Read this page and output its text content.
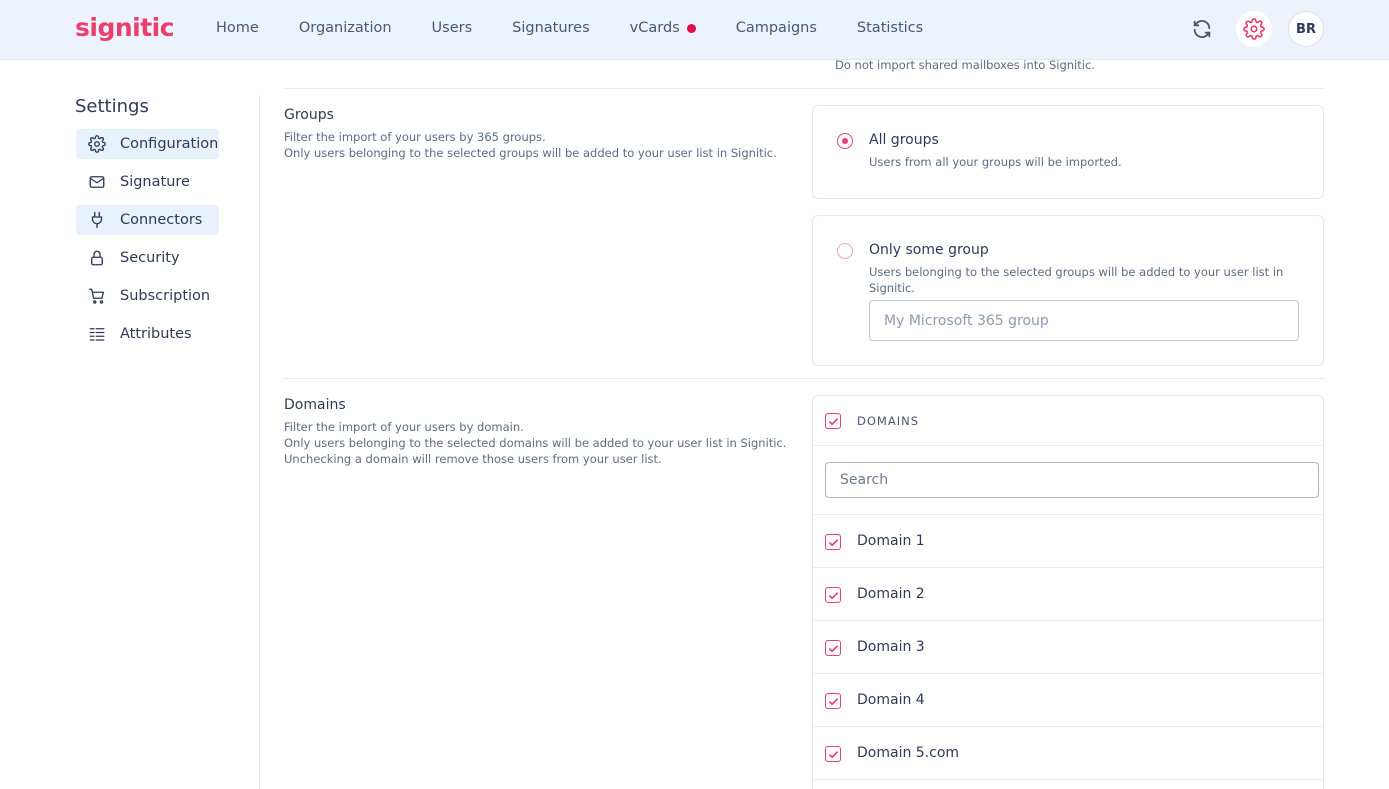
signitic	Home	Organization	Users	Signatures	vCards	Campaigns	Statistics	BR
Settings
Configuration
Signature
Connectors
Security
Subscription
Attributes
Do not import shared mailboxes into Signitic.
Groups
Filter the import of your users by 365 groups.
Only users belonging to the selected groups will be added to your user list in Signitic.
All groups
Users from all your groups will be imported.
Only some group
Users belonging to the selected groups will be added to your user list in
Signitic.
My Microsoft 365 group
Domains
Filter the import of your users by domain.
Only users belonging to the selected domains will be added to your user list in Signitic.
Unchecking a domain will remove those users from your user list.
DOMAINS
Search
Domain 1
Domain 2
Domain 3
Domain 4
Domain 5.com
